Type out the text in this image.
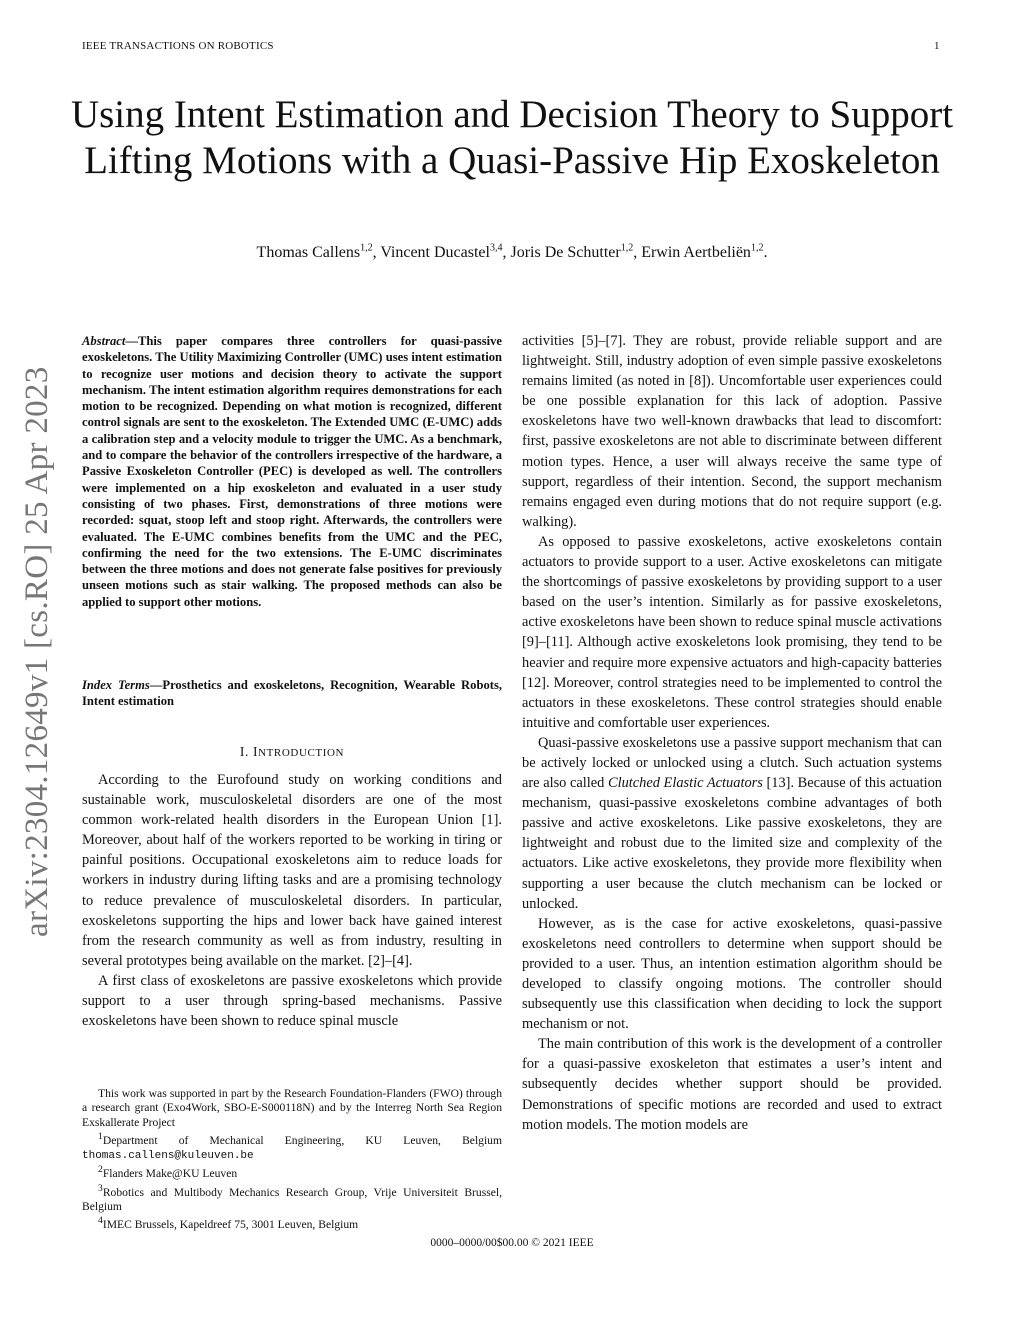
IEEE TRANSACTIONS ON ROBOTICS	1
Using Intent Estimation and Decision Theory to Support Lifting Motions with a Quasi-Passive Hip Exoskeleton
Thomas Callens$^{1,2}$, Vincent Ducastel$^{3,4}$, Joris De Schutter$^{1,2}$, Erwin Aertbeliën$^{1,2}$.
arXiv:2304.12649v1 [cs.RO] 25 Apr 2023
Abstract—This paper compares three controllers for quasi-passive exoskeletons. The Utility Maximizing Controller (UMC) uses intent estimation to recognize user motions and decision theory to activate the support mechanism. The intent estimation algorithm requires demonstrations for each motion to be recognized. Depending on what motion is recognized, different control signals are sent to the exoskeleton. The Extended UMC (E-UMC) adds a calibration step and a velocity module to trigger the UMC. As a benchmark, and to compare the behavior of the controllers irrespective of the hardware, a Passive Exoskeleton Controller (PEC) is developed as well. The controllers were implemented on a hip exoskeleton and evaluated in a user study consisting of two phases. First, demonstrations of three motions were recorded: squat, stoop left and stoop right. Afterwards, the controllers were evaluated. The E-UMC combines benefits from the UMC and the PEC, confirming the need for the two extensions. The E-UMC discriminates between the three motions and does not generate false positives for previously unseen motions such as stair walking. The proposed methods can also be applied to support other motions.
Index Terms—Prosthetics and exoskeletons, Recognition, Wearable Robots, Intent estimation
I. INTRODUCTION

According to the Eurofound study on working conditions and sustainable work, musculoskeletal disorders are one of the most common work-related health disorders in the European Union [1]. Moreover, about half of the workers reported to be working in tiring or painful positions. Occupational exoskeletons aim to reduce loads for workers in industry during lifting tasks and are a promising technology to reduce prevalence of musculoskeletal disorders. In particular, exoskeletons supporting the hips and lower back have gained interest from the research community as well as from industry, resulting in several prototypes being available on the market. [2]–[4].

A first class of exoskeletons are passive exoskeletons which provide support to a user through spring-based mechanisms. Passive exoskeletons have been shown to reduce spinal muscle

This work was supported in part by the Research Foundation-Flanders (FWO) through a research grant (Exo4Work, SBO-E-S000118N) and by the Interreg North Sea Region Exskallerate Project

$^1$Department of Mechanical Engineering, KU Leuven, Belgium thomas.callens@kuleuven.be

$^2$Flanders Make@KU Leuven

$^3$Robotics and Multibody Mechanics Research Group, Vrije Universiteit Brussel, Belgium

$^4$IMEC Brussels, Kapeldreef 75, 3001 Leuven, Belgium

activities [5]–[7]. They are robust, provide reliable support and are lightweight. Still, industry adoption of even simple passive exoskeletons remains limited (as noted in [8]). Uncomfortable user experiences could be one possible explanation for this lack of adoption. Passive exoskeletons have two well-known drawbacks that lead to discomfort: first, passive exoskeletons are not able to discriminate between different motion types. Hence, a user will always receive the same type of support, regardless of their intention. Second, the support mechanism remains engaged even during motions that do not require support (e.g. walking).

As opposed to passive exoskeletons, active exoskeletons contain actuators to provide support to a user. Active exoskeletons can mitigate the shortcomings of passive exoskeletons by providing support to a user based on the user’s intention. Similarly as for passive exoskeletons, active exoskeletons have been shown to reduce spinal muscle activations [9]–[11]. Although active exoskeletons look promising, they tend to be heavier and require more expensive actuators and high-capacity batteries [12]. Moreover, control strategies need to be implemented to control the actuators in these exoskeletons. These control strategies should enable intuitive and comfortable user experiences.

Quasi-passive exoskeletons use a passive support mechanism that can be actively locked or unlocked using a clutch. Such actuation systems are also called Clutched Elastic Actuators [13]. Because of this actuation mechanism, quasi-passive exoskeletons combine advantages of both passive and active exoskeletons. Like passive exoskeletons, they are lightweight and robust due to the limited size and complexity of the actuators. Like active exoskeletons, they provide more flexibility when supporting a user because the clutch mechanism can be locked or unlocked.

However, as is the case for active exoskeletons, quasi-passive exoskeletons need controllers to determine when support should be provided to a user. Thus, an intention estimation algorithm should be developed to classify ongoing motions. The controller should subsequently use this classification when deciding to lock the support mechanism or not.

The main contribution of this work is the development of a controller for a quasi-passive exoskeleton that estimates a user’s intent and subsequently decides whether support should be provided. Demonstrations of specific motions are recorded and used to extract motion models. The motion models are

0000–0000/00$00.00 © 2021 IEEE
